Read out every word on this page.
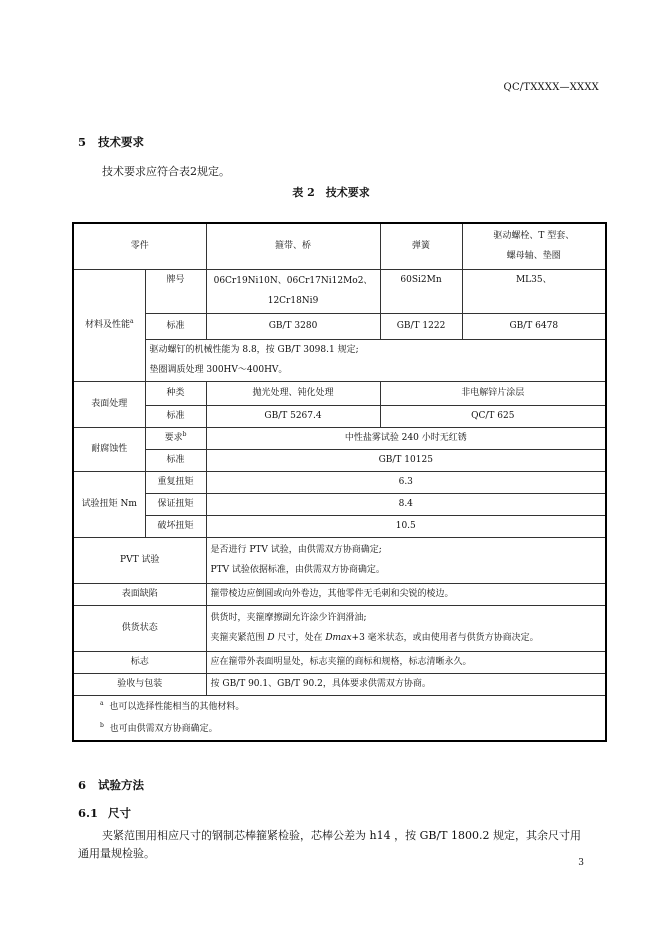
QC/TXXXX—XXXX
5 技术要求
技术要求应符合表2规定。
表 2　技术要求
零件		箍带、桥	弹簧	驱动螺栓、T 型套、
螺母轴、垫圈

材料及性能$^a$	牌号	06Cr19Ni10N、06Cr17Ni12Mo2、
12Cr18Ni9	60Si2Mn	ML35、
	标准	GB/T 3280	GB/T 1222	GB/T 6478

	驱动螺钉的机械性能为 8.8，按 GB/T 3098.1 规定;
垫圈调质处理 300HV～400HV。			

表面处理	种类	抛光处理、钝化处理	非电解锌片涂层	
	标准	GB/T 5267.4	QC/T 625	
耐腐蚀性	要求$^b$	中性盐雾试验 240 小时无红锈		
	标准	GB/T 10125		
试验扭矩 Nm	重复扭矩	6.3		
	保证扭矩	8.4		
	破坏扭矩	10.5		
PVT 试验		是否进行 PTV 试验，由供需双方协商确定;
PTV 试验依据标准，由供需双方协商确定。		

表面缺陷		箍带棱边应倒圆或向外卷边，其他零件无毛刺和尖锐的棱边。		
供货状态		供货时，夹箍摩擦副允许涂少许润滑油;
夹箍夹紧范围 D 尺寸，处在 Dmax+3 毫米状态，或由使用者与供货方协商决定。		

标志		应在箍带外表面明显处，标志夹箍的商标和规格，标志清晰永久。		
验收与包装		按 GB/T 90.1、GB/T 90.2，具体要求供需双方协商。		

$^a$ 也可以选择性能相当的其他材料。
$^b$ 也可由供需双方协商确定。				
6 试验方法
6.1 尺寸
夹紧范围用相应尺寸的钢制芯棒箍紧检验，芯棒公差为 h14 ，按 GB/T 1800.2 规定，其余尺寸用
通用量规检验。
3
